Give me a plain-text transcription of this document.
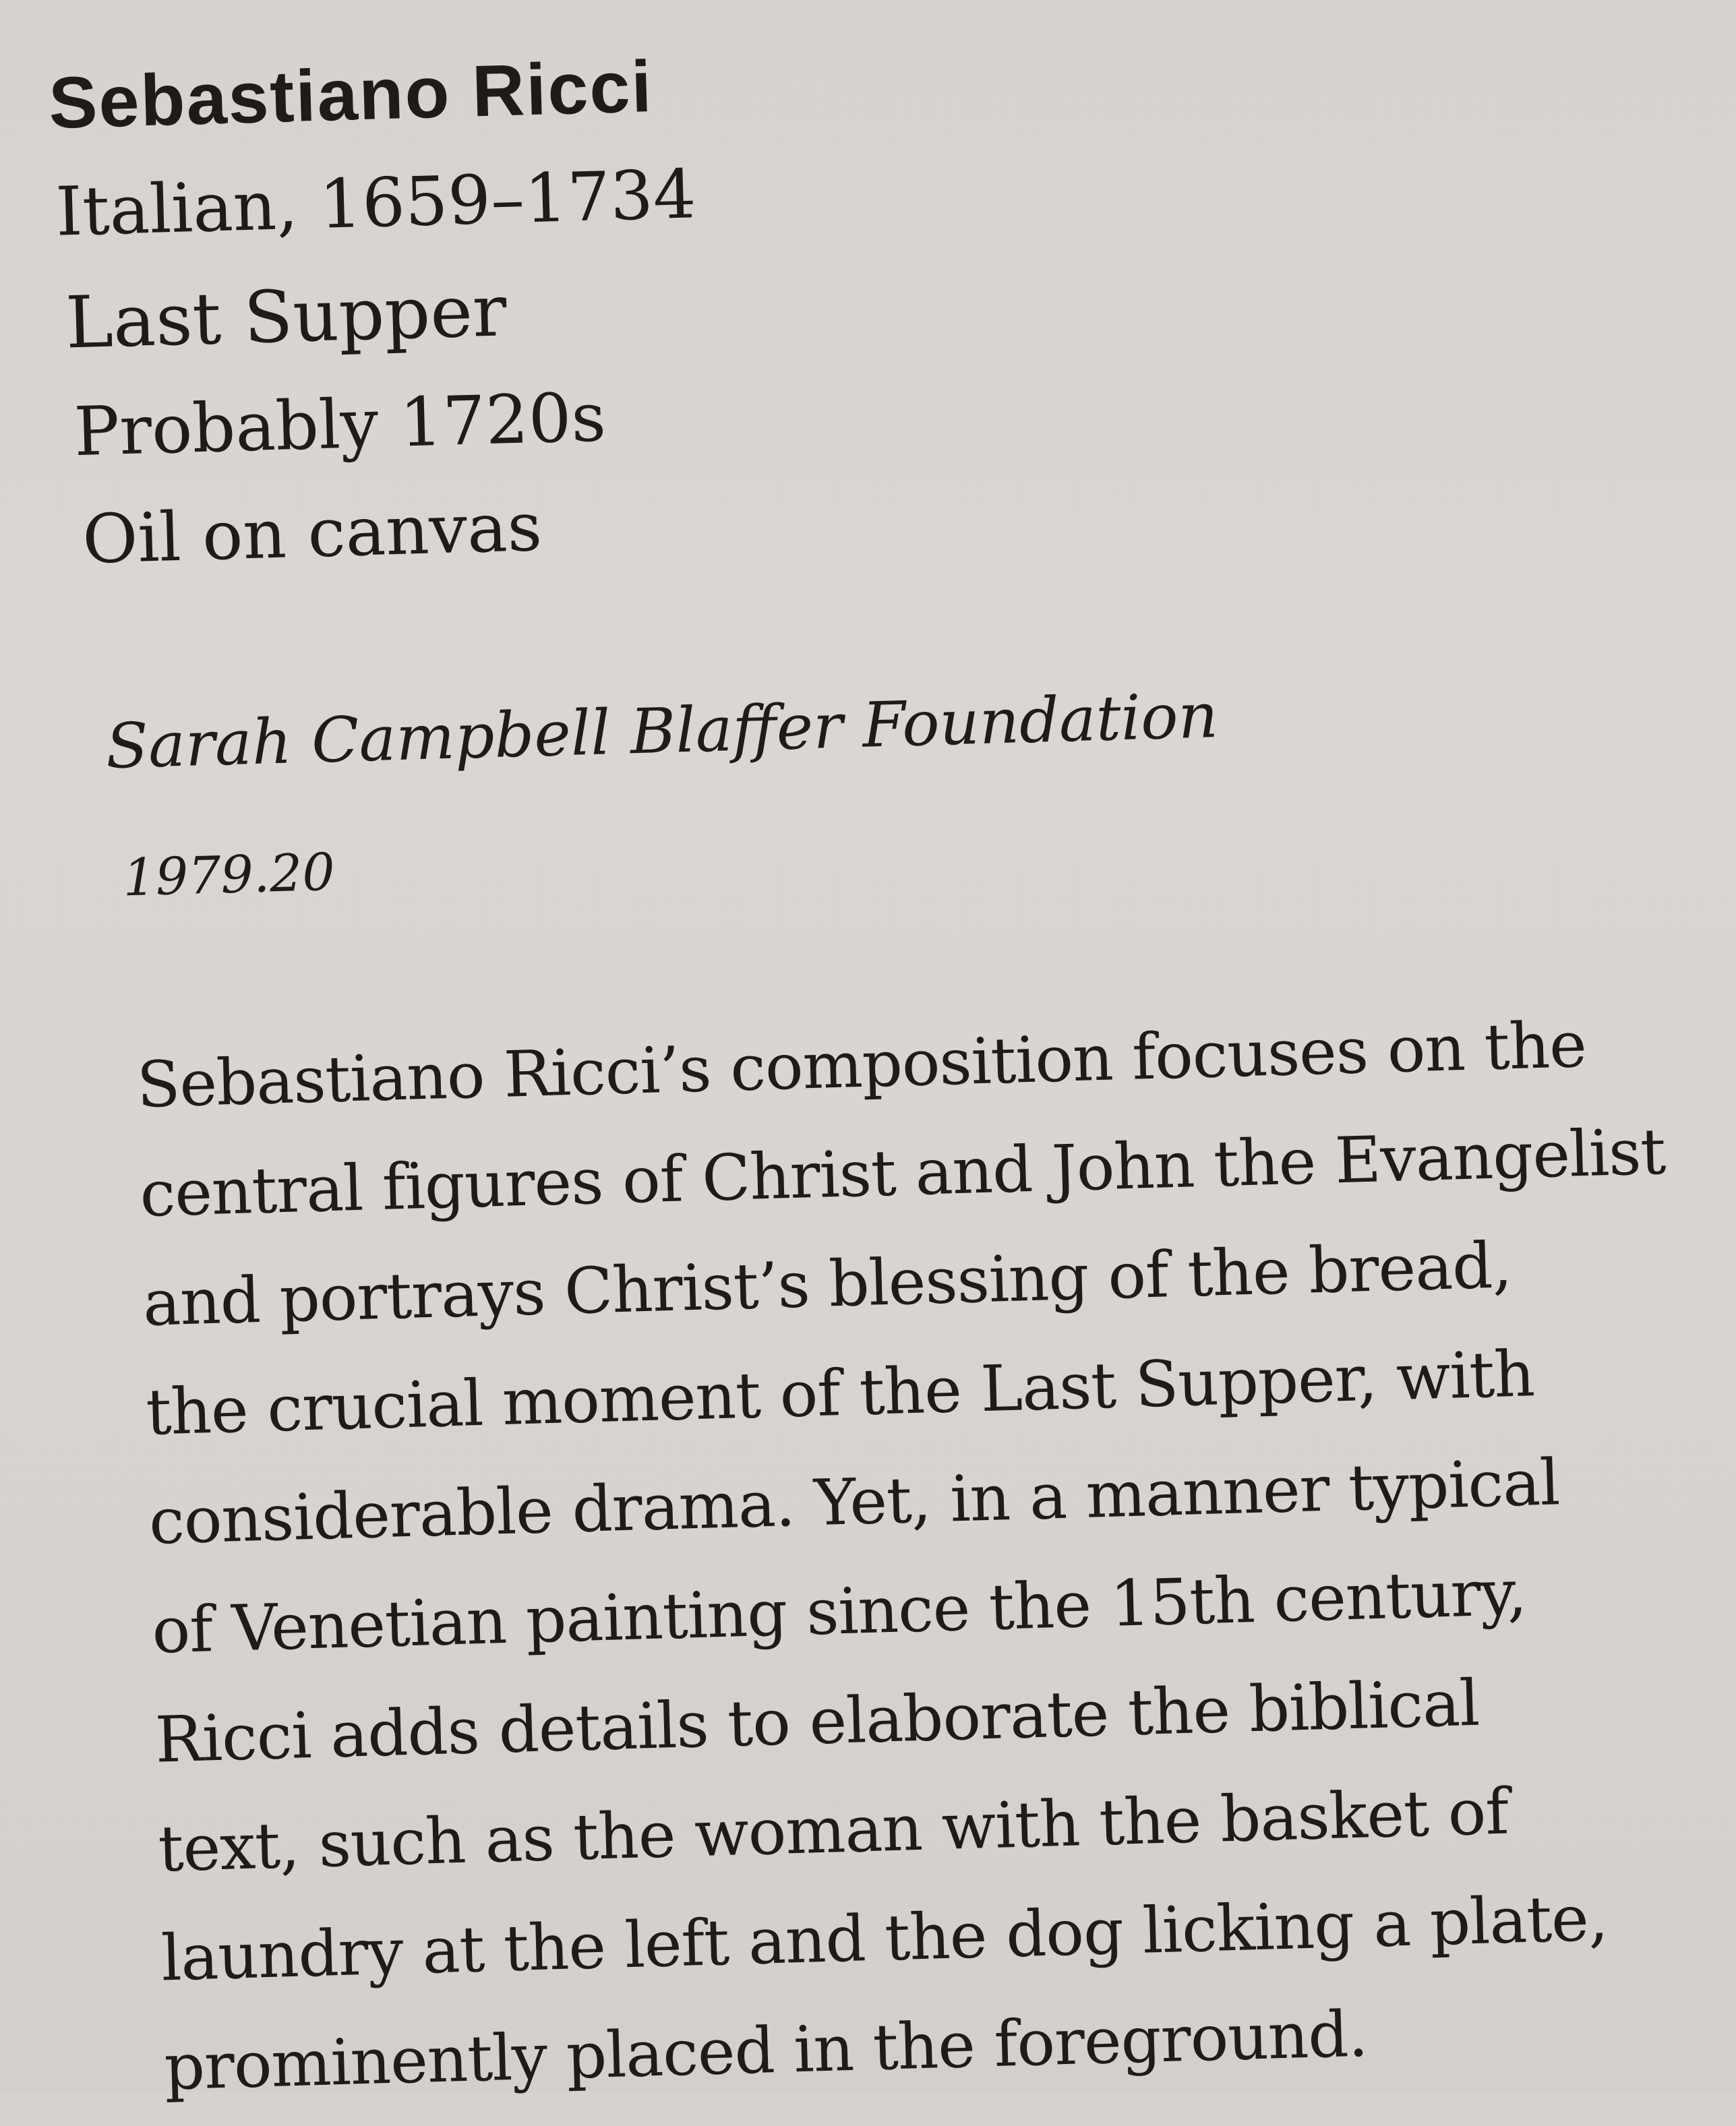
Sebastiano Ricci

Italian, 1659–1734

Last Supper

Probably 1720s

Oil on canvas

Sarah Campbell Blaffer Foundation

1979.20

Sebastiano Ricci’s composition focuses on the
central figures of Christ and John the Evangelist
and portrays Christ’s blessing of the bread,
the crucial moment of the Last Supper, with
considerable drama. Yet, in a manner typical
of Venetian painting since the 15th century,
Ricci adds details to elaborate the biblical
text, such as the woman with the basket of
laundry at the left and the dog licking a plate,
prominently placed in the foreground.
